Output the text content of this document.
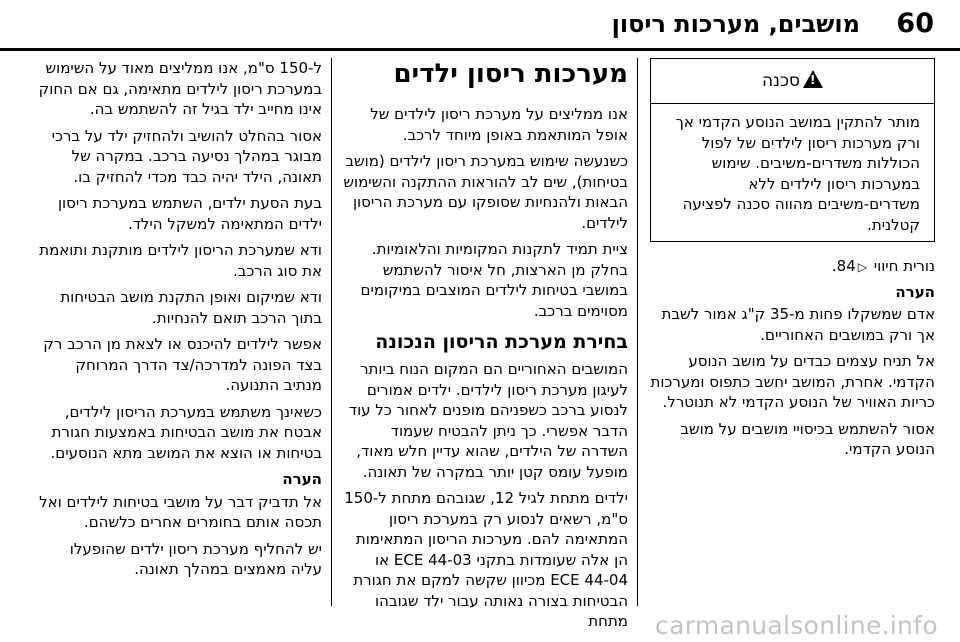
60
מושבים, מערכות ריסון
!סכנה
מותר להתקין במושב הנוסע הקדמי אך ורק מערכות ריסון לילדים של לפול הכוללות משדרים-משיבים. שימוש במערכות ריסון לילדים ללא משדרים-משיבים מהווה סכנה לפציעה קטלנית.

נורית חיווי ▷84.

הערה

אדם שמשקלו פחות מ-35 ק"ג אמור לשבת אך ורק במושבים האחוריים.

אל תניח עצמים כבדים על מושב הנוסע הקדמי. אחרת, המושב יחשב כתפוס ומערכות כריות האוויר של הנוסע הקדמי לא תנוטרל.

אסור להשתמש בכיסויי מושבים על מושב הנוסע הקדמי.

מערכות ריסון ילדים

אנו ממליצים על מערכת ריסון לילדים של אופל המותאמת באופן מיוחד לרכב.

כשנעשה שימוש במערכת ריסון לילדים (מושב בטיחות), שים לב להוראות ההתקנה והשימוש הבאות ולהנחיות שסופקו עם מערכת הריסון לילדים.

ציית תמיד לתקנות המקומיות והלאומיות. בחלק מן הארצות, חל איסור להשתמש במושבי בטיחות לילדים המוצבים במיקומים מסוימים ברכב.

בחירת מערכת הריסון הנכונה

המושבים האחוריים הם המקום הנוח ביותר לעיגון מערכת ריסון לילדים. ילדים אמורים לנסוע ברכב כשפניהם מופנים לאחור כל עוד הדבר אפשרי. כך ניתן להבטיח שעמוד השדרה של הילדים, שהוא עדיין חלש מאוד, מופעל עומס קטן יותר במקרה של תאונה.

ילדים מתחת לגיל 12, שגובהם מתחת ל-150 ס"מ, רשאים לנסוע רק במערכת ריסון המתאימה להם. מערכות הריסון המתאימות הן אלה שעומדות בתקני ECE 44-03 או ECE 44-04 מכיוון שקשה למקם את חגורת הבטיחות בצורה נאותה עבור ילד שגובהו מתחת

ל-150 ס"מ, אנו ממליצים מאוד על השימוש במערכת ריסון לילדים מתאימה, גם אם החוק אינו מחייב ילד בגיל זה להשתמש בה.

אסור בהחלט להושיב ולהחזיק ילד על ברכי מבוגר במהלך נסיעה ברכב. במקרה של תאונה, הילד יהיה כבד מכדי להחזיק בו.

בעת הסעת ילדים, השתמש במערכת ריסון ילדים המתאימה למשקל הילד.

ודא שמערכת הריסון לילדים מותקנת ותואמת את סוג הרכב.

ודא שמיקום ואופן התקנת מושב הבטיחות בתוך הרכב תואם להנחיות.

אפשר לילדים להיכנס או לצאת מן הרכב רק בצד הפונה למדרכה/צד הדרך המרוחק מנתיב התנועה.

כשאינך משתמש במערכת הריסון לילדים, אבטח את מושב הבטיחות באמצעות חגורת בטיחות או הוצא את המושב מתא הנוסעים.

הערה

אל תדביק דבר על מושבי בטיחות לילדים ואל תכסה אותם בחומרים אחרים כלשהם.

יש להחליף מערכת ריסון ילדים שהופעלו עליה מאמצים במהלך תאונה.

carmanualsonline.info
